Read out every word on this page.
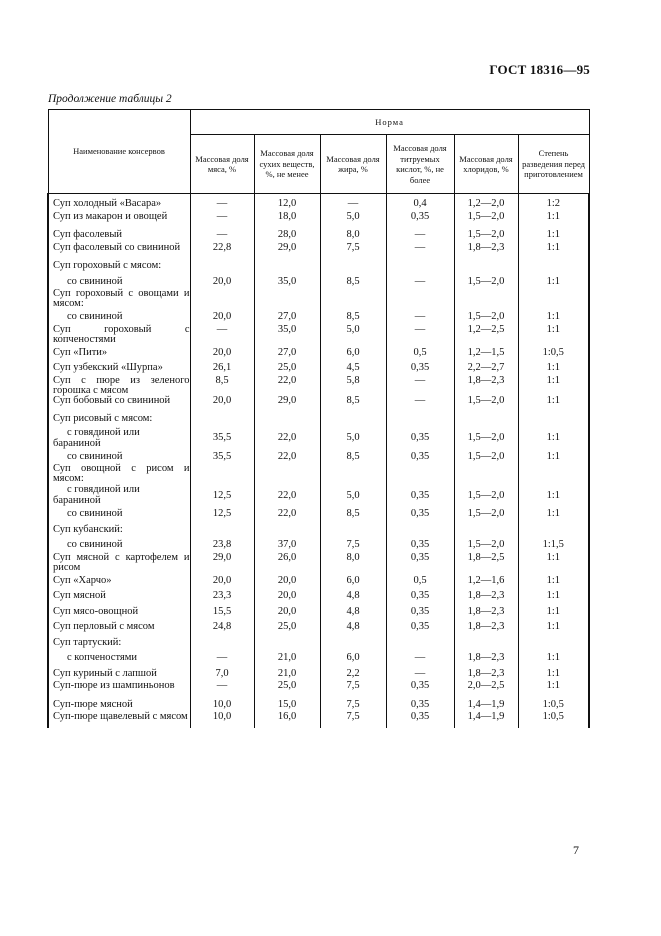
ГОСТ 18316—95
Продолжение таблицы 2
Наименование консервов	Норма					
	Массовая доля мяса, %	Массовая доля сухих веществ, %, не менее	Массовая доля жира, %	Массовая доля титруемых кислот, %, не более	Массовая доля хлоридов, %	Степень разведения перед приготовлением

Суп холодный «Васара»	—	12,0	—	0,4	1,2—2,0	1:2

Суп из макарон и овощей	—	18,0	5,0	0,35	1,5—2,0	1:1

Суп фасолевый	—	28,0	8,0	—	1,5—2,0	1:1

Суп фасолевый со свининой	22,8	29,0	7,5	—	1,8—2,3	1:1

Суп гороховый с мясом:						

со свининой	20,0	35,0	8,5	—	1,5—2,0	1:1

Суп гороховый с овощами и мясом:						

со свининой	20,0	27,0	8,5	—	1,5—2,0	1:1

Суп гороховый с копченостями	—	35,0	5,0	—	1,2—2,5	1:1

Суп «Пити»	20,0	27,0	6,0	0,5	1,2—1,5	1:0,5

Суп узбекский «Шурпа»	26,1	25,0	4,5	0,35	2,2—2,7	1:1

Суп с пюре из зеленого горошка с мясом	8,5	22,0	5,8	—	1,8—2,3	1:1

Суп бобовый со свининой	20,0	29,0	8,5	—	1,5—2,0	1:1

Суп рисовый с мясом:						

с говядиной или бараниной	35,5	22,0	5,0	0,35	1,5—2,0	1:1

со свининой	35,5	22,0	8,5	0,35	1,5—2,0	1:1

Суп овощной с рисом и мясом:						

с говядиной или бараниной	12,5	22,0	5,0	0,35	1,5—2,0	1:1

со свининой	12,5	22,0	8,5	0,35	1,5—2,0	1:1

Суп кубанский:						

со свининой	23,8	37,0	7,5	0,35	1,5—2,0	1:1,5

Суп мясной с картофелем и рисом	29,0	26,0	8,0	0,35	1,8—2,5	1:1

Суп «Харчо»	20,0	20,0	6,0	0,5	1,2—1,6	1:1

Суп мясной	23,3	20,0	4,8	0,35	1,8—2,3	1:1

Суп мясо-овощной	15,5	20,0	4,8	0,35	1,8—2,3	1:1

Суп перловый с мясом	24,8	25,0	4,8	0,35	1,8—2,3	1:1

Суп тартуский:						

с копченостями	—	21,0	6,0	—	1,8—2,3	1:1

Суп куриный с лапшой	7,0	21,0	2,2	—	1,8—2,3	1:1

Суп-пюре из шампиньонов	—	25,0	7,5	0,35	2,0—2,5	1:1

Суп-пюре мясной	10,0	15,0	7,5	0,35	1,4—1,9	1:0,5

Суп-пюре щавелевый с мясом	10,0	16,0	7,5	0,35	1,4—1,9	1:0,5
7
